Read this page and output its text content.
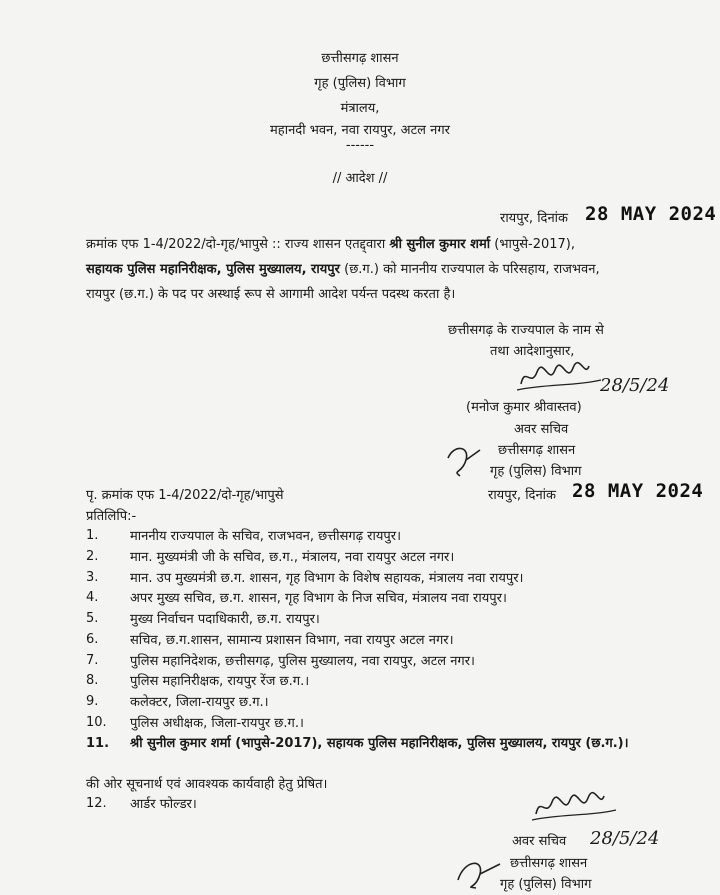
छत्तीसगढ़ शासन
गृह (पुलिस) विभाग
मंत्रालय,
महानदी भवन, नवा रायपुर, अटल नगर
------
// आदेश //
रायपुर, दिनांक 28 MAY 2024
क्रमांक एफ 1-4/2022/दो-गृह/भापुसे :: राज्य शासन एतद्द्वारा श्री सुनील कुमार शर्मा (भापुसे-2017),
सहायक पुलिस महानिरीक्षक, पुलिस मुख्यालय, रायपुर (छ.ग.) को माननीय राज्यपाल के परिसहाय, राजभवन,
रायपुर (छ.ग.) के पद पर अस्थाई रूप से आगामी आदेश पर्यन्त पदस्थ करता है।
छत्तीसगढ़ के राज्यपाल के नाम से
तथा आदेशानुसार,
28/5/24
(मनोज कुमार श्रीवास्तव)
अवर सचिव
छत्तीसगढ़ शासन
गृह (पुलिस) विभाग
पृ. क्रमांक एफ 1-4/2022/दो-गृह/भापुसे	रायपुर, दिनांक 28 MAY 2024
प्रतिलिपि:-
1. माननीय राज्यपाल के सचिव, राजभवन, छत्तीसगढ़ रायपुर।
2. मान. मुख्यमंत्री जी के सचिव, छ.ग., मंत्रालय, नवा रायपुर अटल नगर।
3. मान. उप मुख्यमंत्री छ.ग. शासन, गृह विभाग के विशेष सहायक, मंत्रालय नवा रायपुर।
4. अपर मुख्य सचिव, छ.ग. शासन, गृह विभाग के निज सचिव, मंत्रालय नवा रायपुर।
5. मुख्य निर्वाचन पदाधिकारी, छ.ग. रायपुर।
6. सचिव, छ.ग.शासन, सामान्य प्रशासन विभाग, नवा रायपुर अटल नगर।
7. पुलिस महानिदेशक, छत्तीसगढ़, पुलिस मुख्यालय, नवा रायपुर, अटल नगर।
8. पुलिस महानिरीक्षक, रायपुर रेंज छ.ग.।
9. कलेक्टर, जिला-रायपुर छ.ग.।
10. पुलिस अधीक्षक, जिला-रायपुर छ.ग.।
11. श्री सुनील कुमार शर्मा (भापुसे-2017), सहायक पुलिस महानिरीक्षक, पुलिस मुख्यालय, रायपुर (छ.ग.)।
की ओर सूचनार्थ एवं आवश्यक कार्यवाही हेतु प्रेषित।
12. आर्डर फोल्डर।
28/5/24
अवर सचिव
छत्तीसगढ़ शासन
गृह (पुलिस) विभाग
